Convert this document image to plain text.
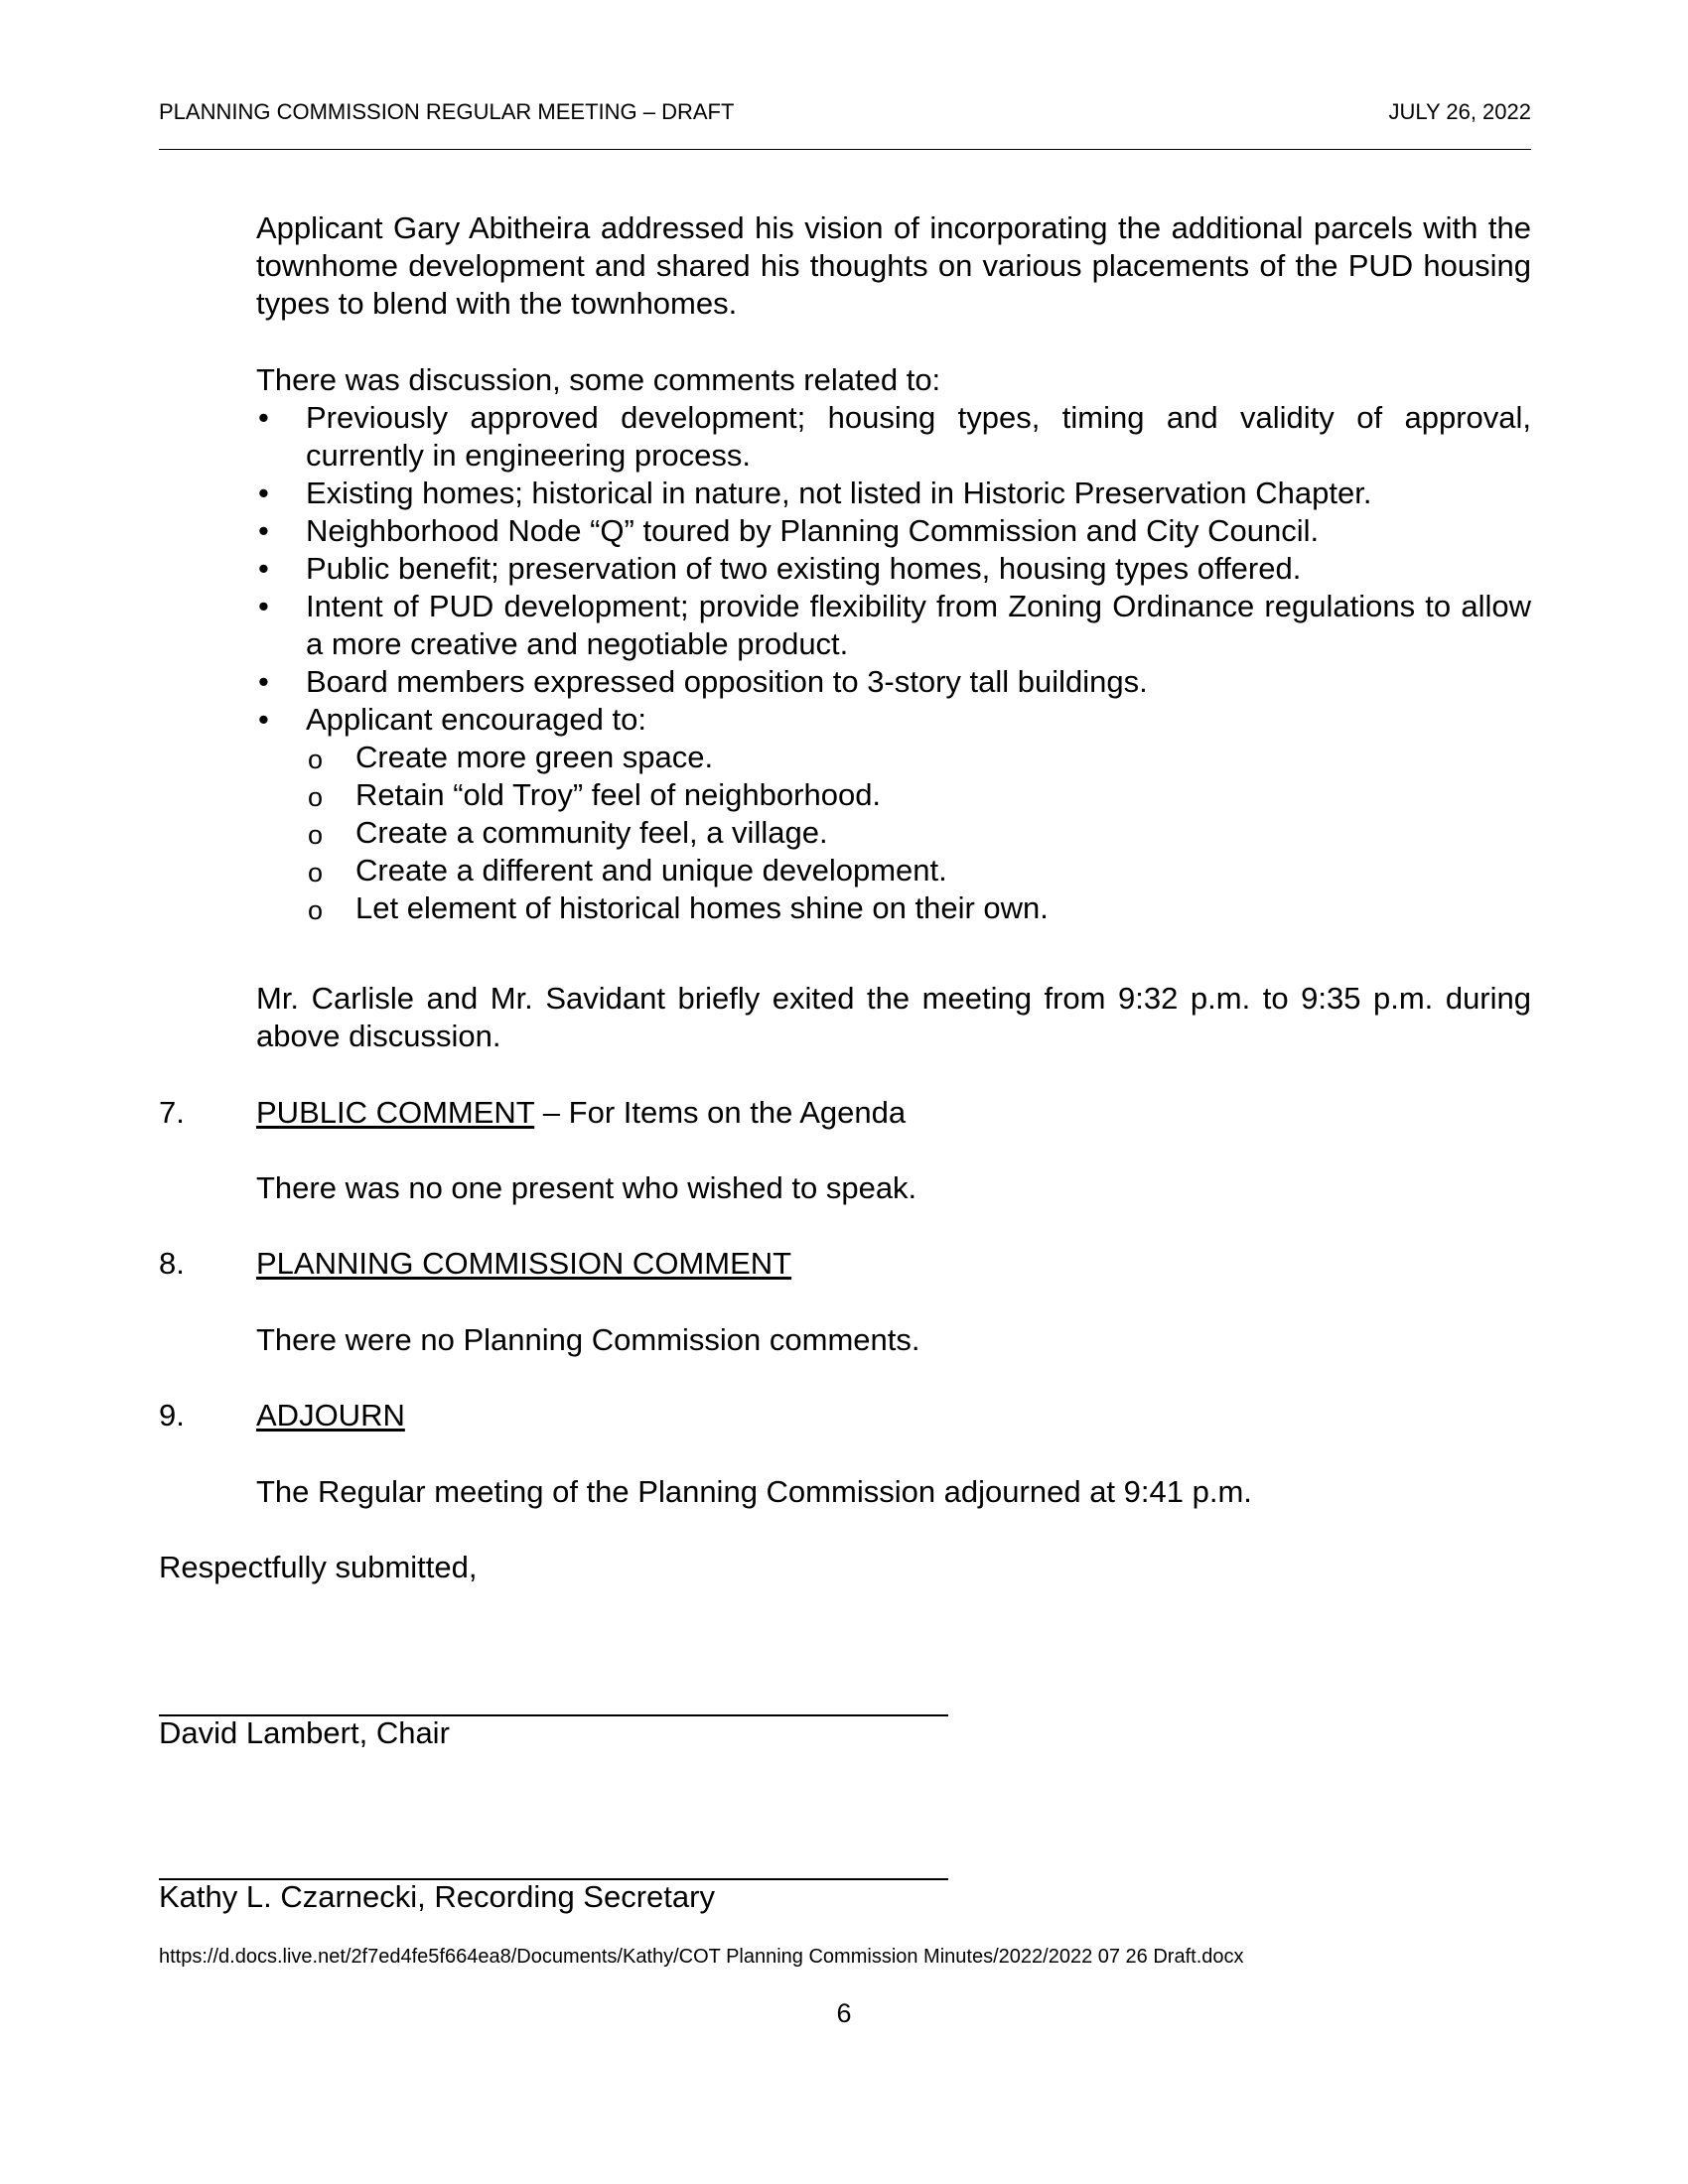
PLANNING COMMISSION REGULAR MEETING – DRAFT	JULY 26, 2022
Applicant Gary Abitheira addressed his vision of incorporating the additional parcels with the townhome development and shared his thoughts on various placements of the PUD housing types to blend with the townhomes.
There was discussion, some comments related to:
• Previously approved development; housing types, timing and validity of approval, currently in engineering process.
• Existing homes; historical in nature, not listed in Historic Preservation Chapter.
• Neighborhood Node “Q” toured by Planning Commission and City Council.
• Public benefit; preservation of two existing homes, housing types offered.
• Intent of PUD development; provide flexibility from Zoning Ordinance regulations to allow a more creative and negotiable product.
• Board members expressed opposition to 3-story tall buildings.
• Applicant encouraged to:
o Create more green space.
o Retain “old Troy” feel of neighborhood.
o Create a community feel, a village.
o Create a different and unique development.
o Let element of historical homes shine on their own.
Mr. Carlisle and Mr. Savidant briefly exited the meeting from 9:32 p.m. to 9:35 p.m. during above discussion.
7. PUBLIC COMMENT – For Items on the Agenda
There was no one present who wished to speak.
8. PLANNING COMMISSION COMMENT
There were no Planning Commission comments.
9. ADJOURN
The Regular meeting of the Planning Commission adjourned at 9:41 p.m.
Respectfully submitted,
David Lambert, Chair
Kathy L. Czarnecki, Recording Secretary
https://d.docs.live.net/2f7ed4fe5f664ea8/Documents/Kathy/COT Planning Commission Minutes/2022/2022 07 26 Draft.docx
6
